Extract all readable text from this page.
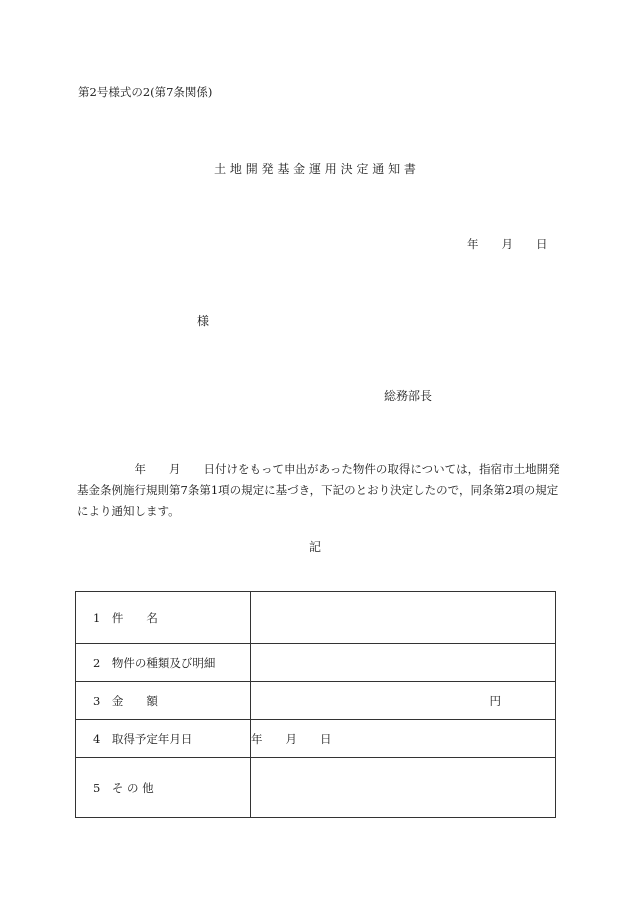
第2号様式の2(第7条関係)
土 地 開 発 基 金 運 用 決 定 通 知 書
年　　月　　日
様
総務部長
　　　　　年　　月　　日付けをもって申出があった物件の取得については，指宿市土地開発基金条例施行規則第7条第1項の規定に基づき，下記のとおり決定したので，同条第2項の規定により通知します。
記
1　件　　名	
2　物件の種類及び明細	
3　金　　額	円

4　取得予定年月日	年　　月　　日
5　そ の 他	
